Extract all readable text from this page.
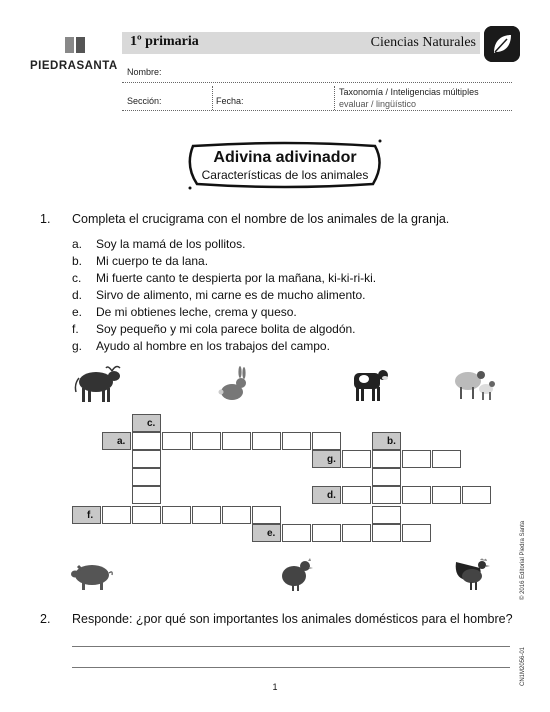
PIEDRASANTA
1º primaria	Ciencias Naturales
Nombre:
Sección:	Fecha:
Taxonomía / Inteligencias múltiples
evaluar / lingüístico
Adivina adivinador
Características de los animales
1. Completa el crucigrama con el nombre de los animales de la granja.
a. Soy la mamá de los pollitos.
b. Mi cuerpo te da lana.
c. Mi fuerte canto te despierta por la mañana, ki-ki-ri-ki.
d. Sirvo de alimento, mi carne es de mucho alimento.
e. De mi obtienes leche, crema y queso.
f. Soy pequeño y mi cola parece bolita de algodón.
g. Ayudo al hombre en los trabajos del campo.
c.
a.	b.
g.
d.
f.
e.
2. Responde: ¿por qué son importantes los animales domésticos para el hombre?
© 2016 Editorial Piedra Santa
CN1M2056-01
1
